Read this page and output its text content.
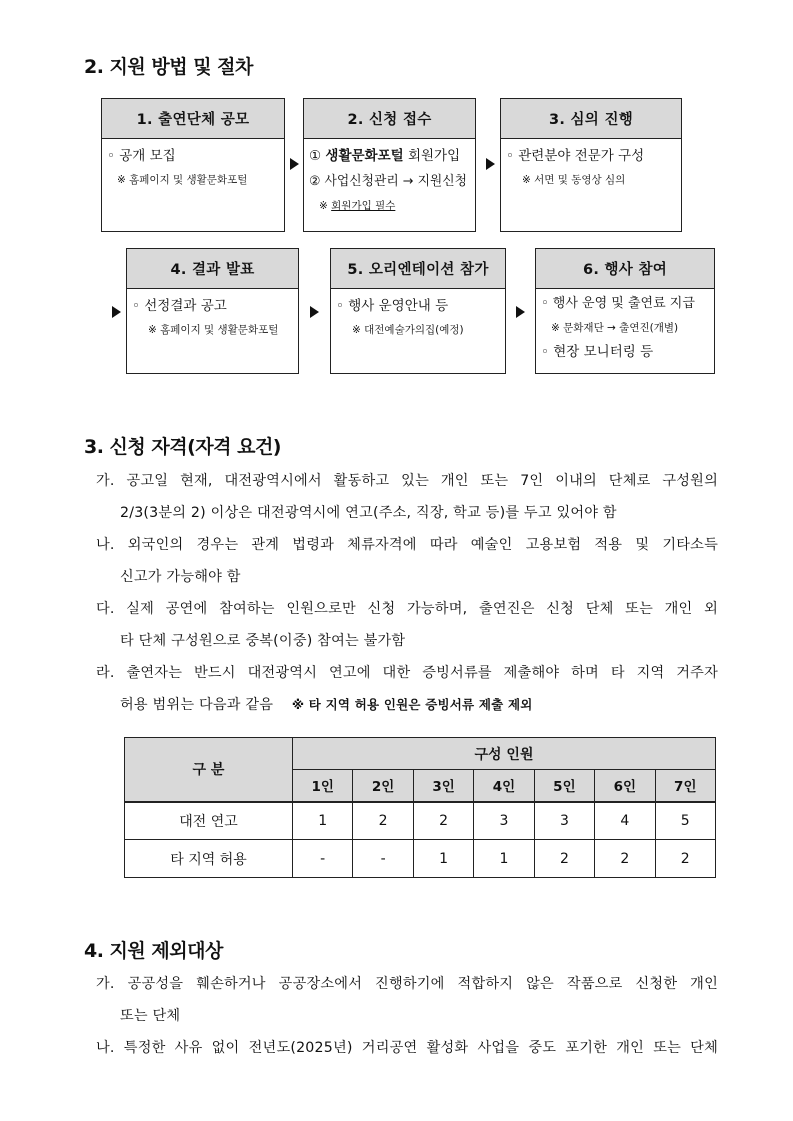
2. 지원 방법 및 절차
1. 출연단체 공모
◦ 공개 모집
※ 홈페이지 및 생활문화포털
2. 신청 접수
① 생활문화포털 회원가입
② 사업신청관리 → 지원신청
※ 회원가입 필수
3. 심의 진행
◦ 관련분야 전문가 구성
※ 서면 및 동영상 심의
4. 결과 발표
◦ 선정결과 공고
※ 홈페이지 및 생활문화포털
5. 오리엔테이션 참가
◦ 행사 운영안내 등
※ 대전예술가의집(예정)
6. 행사 참여
◦ 행사 운영 및 출연료 지급
※ 문화재단 → 출연진(개별)
◦ 현장 모니터링 등
3. 신청 자격(자격 요건)
가. 공고일 현재, 대전광역시에서 활동하고 있는 개인 또는 7인 이내의 단체로 구성원의
2/3(3분의 2) 이상은 대전광역시에 연고(주소, 직장, 학교 등)를 두고 있어야 함
나. 외국인의 경우는 관계 법령과 체류자격에 따라 예술인 고용보험 적용 및 기타소득
신고가 가능해야 함
다. 실제 공연에 참여하는 인원으로만 신청 가능하며, 출연진은 신청 단체 또는 개인 외
타 단체 구성원으로 중복(이중) 참여는 불가함
라. 출연자는 반드시 대전광역시 연고에 대한 증빙서류를 제출해야 하며 타 지역 거주자
허용 범위는 다음과 같음 ※ 타 지역 허용 인원은 증빙서류 제출 제외
구 분	구성 인원						
	1인	2인	3인	4인	5인	6인	7인
대전 연고	1	2	2	3	3	4	5
타 지역 허용	-	-	1	1	2	2	2
4. 지원 제외대상
가. 공공성을 훼손하거나 공공장소에서 진행하기에 적합하지 않은 작품으로 신청한 개인
또는 단체
나. 특정한 사유 없이 전년도(2025년) 거리공연 활성화 사업을 중도 포기한 개인 또는 단체
